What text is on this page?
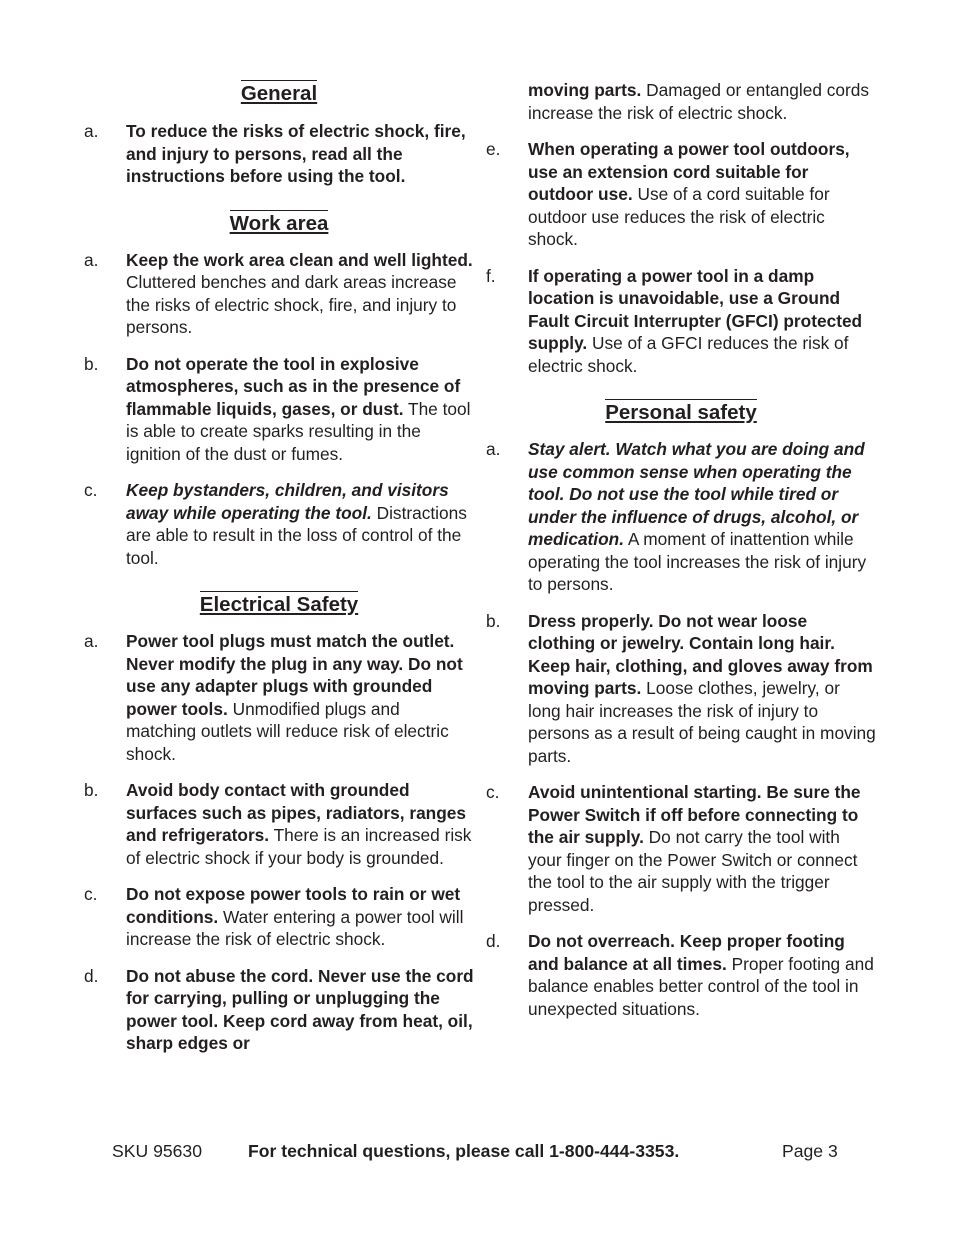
General
a.	To reduce the risks of electric shock, fire, and injury to persons, read all the instructions before using the tool.
Work area
a.	Keep the work area clean and well lighted. Cluttered benches and dark areas increase the risks of electric shock, fire, and injury to persons.
b.	Do not operate the tool in explosive atmospheres, such as in the presence of flammable liquids, gases, or dust. The tool is able to create sparks resulting in the ignition of the dust or fumes.
c.	Keep bystanders, children, and visitors away while operating the tool. Distractions are able to result in the loss of control of the tool.
Electrical Safety
a.	Power tool plugs must match the outlet. Never modify the plug in any way. Do not use any adapter plugs with grounded power tools. Unmodified plugs and matching outlets will reduce risk of electric shock.
b.	Avoid body contact with grounded surfaces such as pipes, radiators, ranges and refrigerators. There is an increased risk of electric shock if your body is grounded.
c.	Do not expose power tools to rain or wet conditions. Water entering a power tool will increase the risk of electric shock.
d.	Do not abuse the cord. Never use the cord for carrying, pulling or unplugging the power tool. Keep cord away from heat, oil, sharp edges or
moving parts. Damaged or entangled cords increase the risk of electric shock.
e.	When operating a power tool outdoors, use an extension cord suitable for outdoor use. Use of a cord suitable for outdoor use reduces the risk of electric shock.
f.	If operating a power tool in a damp location is unavoidable, use a Ground Fault Circuit Interrupter (GFCI) protected supply. Use of a GFCI reduces the risk of electric shock.
Personal safety
a.	Stay alert. Watch what you are doing and use common sense when operating the tool. Do not use the tool while tired or under the influence of drugs, alcohol, or medication. A moment of inattention while operating the tool increases the risk of injury to persons.
b.	Dress properly. Do not wear loose clothing or jewelry. Contain long hair. Keep hair, clothing, and gloves away from moving parts. Loose clothes, jewelry, or long hair increases the risk of injury to persons as a result of being caught in moving parts.
c.	Avoid unintentional starting. Be sure the Power Switch if off before connecting to the air supply. Do not carry the tool with your finger on the Power Switch or connect the tool to the air supply with the trigger pressed.
d.	Do not overreach. Keep proper footing and balance at all times. Proper footing and balance enables better control of the tool in unexpected situations.
SKU 95630	For technical questions, please call 1-800-444-3353.	Page 3
